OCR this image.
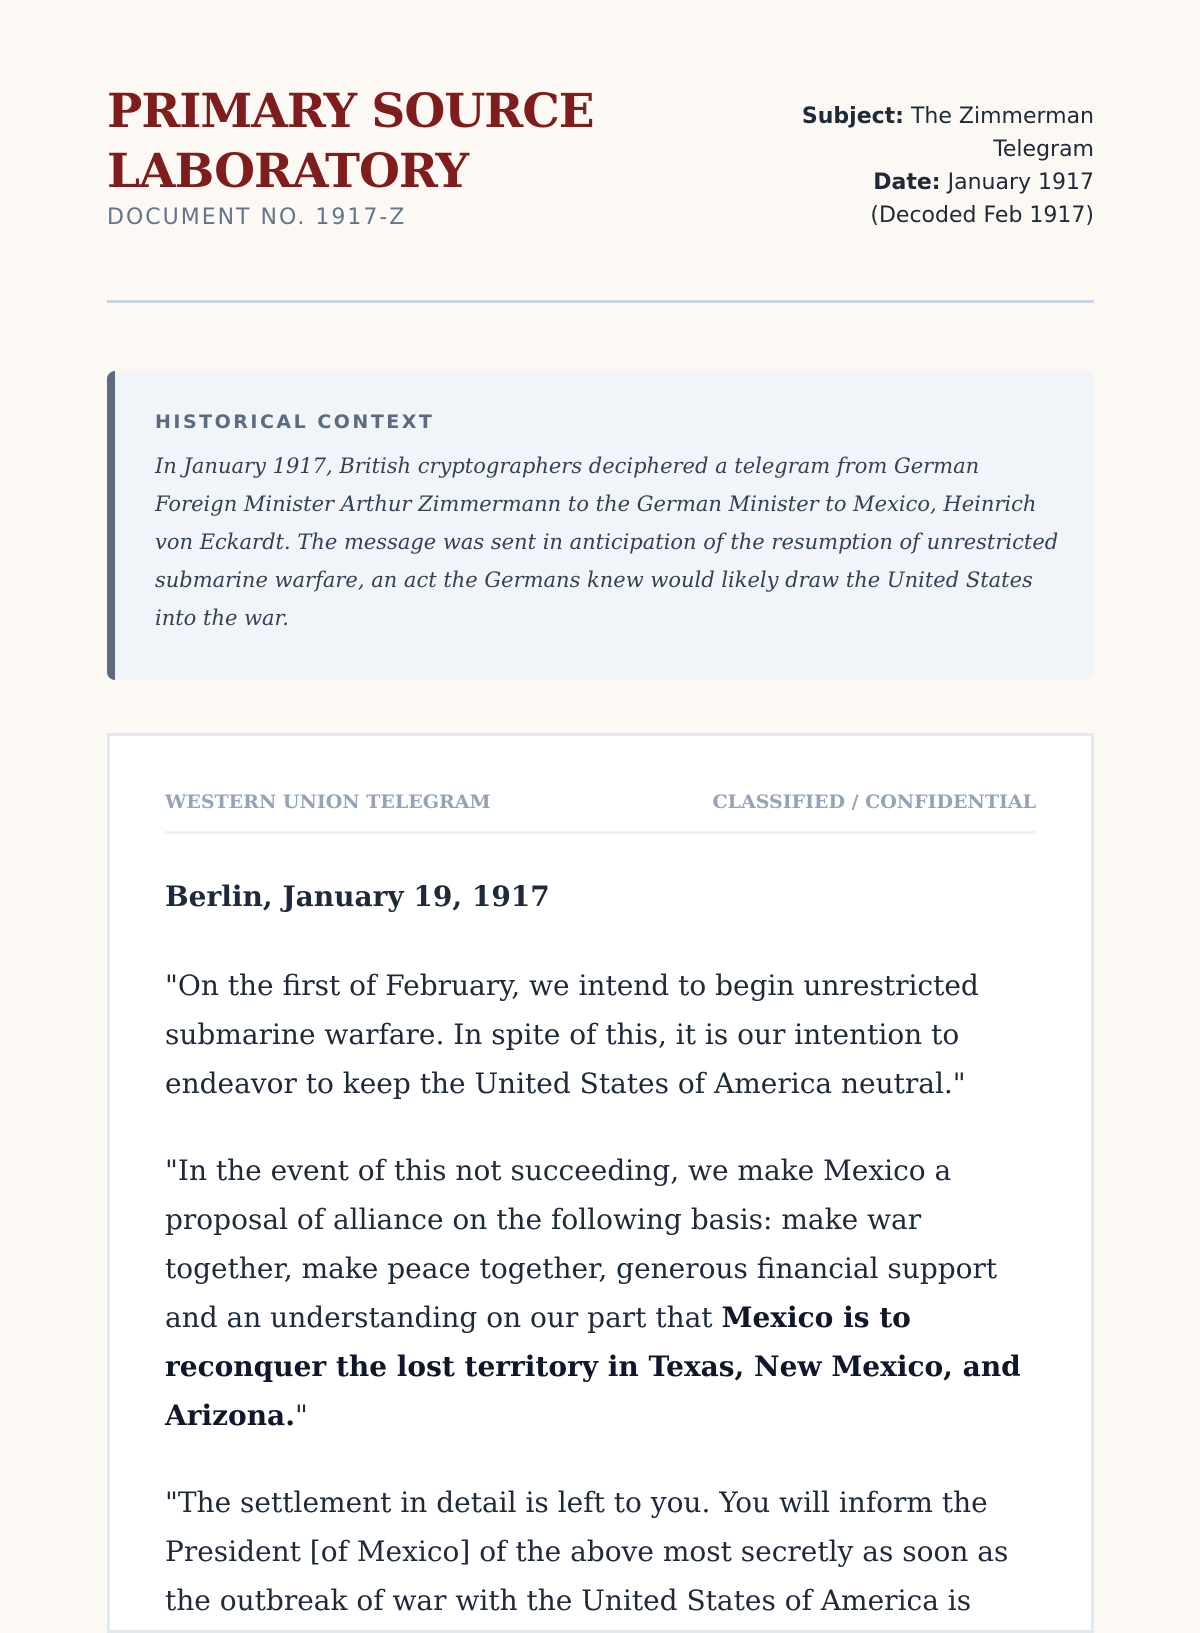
PRIMARY SOURCE LABORATORY
DOCUMENT NO. 1917-Z
Subject: The Zimmerman Telegram
Date: January 1917 (Decoded Feb 1917)
HISTORICAL CONTEXT

In January 1917, British cryptographers deciphered a telegram from German Foreign Minister Arthur Zimmermann to the German Minister to Mexico, Heinrich von Eckardt. The message was sent in anticipation of the resumption of unrestricted submarine warfare, an act the Germans knew would likely draw the United States into the war.

WESTERN UNION TELEGRAM	CLASSIFIED / CONFIDENTIAL

Berlin, January 19, 1917

"On the first of February, we intend to begin unrestricted submarine warfare. In spite of this, it is our intention to endeavor to keep the United States of America neutral."

"In the event of this not succeeding, we make Mexico a proposal of alliance on the following basis: make war together, make peace together, generous financial support and an understanding on our part that Mexico is to reconquer the lost territory in Texas, New Mexico, and Arizona."

"The settlement in detail is left to you. You will inform the President [of Mexico] of the above most secretly as soon as the outbreak of war with the United States of America is
